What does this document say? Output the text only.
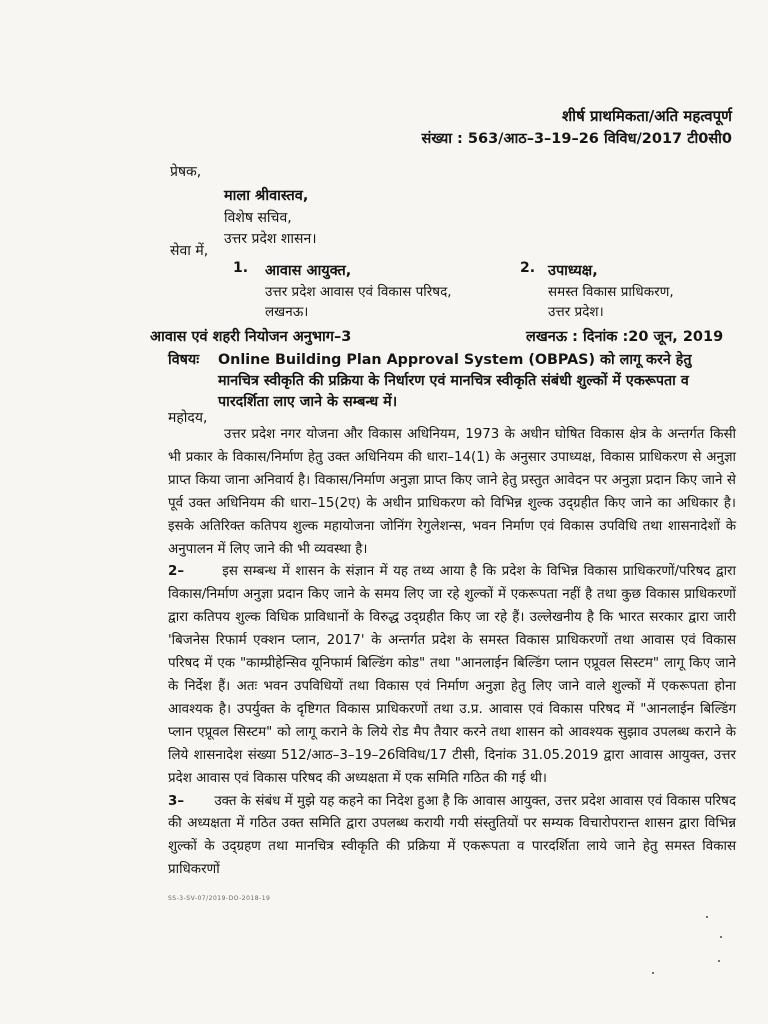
शीर्ष प्राथमिकता/अति महत्वपूर्ण
संख्या : 563/आठ–3–19–26 विविध/2017 टी0सी0
प्रेषक,
माला श्रीवास्तव,
विशेष सचिव,
उत्तर प्रदेश शासन।
सेवा में,
1. आवास आयुक्त,
उत्तर प्रदेश आवास एवं विकास परिषद,
लखनऊ।
2. उपाध्यक्ष,
समस्त विकास प्राधिकरण,
उत्तर प्रदेश।
आवास एवं शहरी नियोजन अनुभाग–3	लखनऊ : दिनांक :20 जून, 2019
विषयः Online Building Plan Approval System (OBPAS) को लागू करने हेतु मानचित्र स्वीकृति की प्रक्रिया के निर्धारण एवं मानचित्र स्वीकृति संबंधी शुल्कों में एकरूपता व पारदर्शिता लाए जाने के सम्बन्ध में।
महोदय,

उत्तर प्रदेश नगर योजना और विकास अधिनियम, 1973 के अधीन घोषित विकास क्षेत्र के अन्तर्गत किसी भी प्रकार के विकास/निर्माण हेतु उक्त अधिनियम की धारा–14(1) के अनुसार उपाध्यक्ष, विकास प्राधिकरण से अनुज्ञा प्राप्त किया जाना अनिवार्य है। विकास/निर्माण अनुज्ञा प्राप्त किए जाने हेतु प्रस्तुत आवेदन पर अनुज्ञा प्रदान किए जाने से पूर्व उक्त अधिनियम की धारा–15(2ए) के अधीन प्राधिकरण को विभिन्न शुल्क उद्ग्रहीत किए जाने का अधिकार है। इसके अतिरिक्त कतिपय शुल्क महायोजना जोनिंग रेगुलेशन्स, भवन निर्माण एवं विकास उपविधि तथा शासनादेशों के अनुपालन में लिए जाने की भी व्यवस्था है।

2–	इस सम्बन्ध में शासन के संज्ञान में यह तथ्य आया है कि प्रदेश के विभिन्न विकास प्राधिकरणों/परिषद द्वारा विकास/निर्माण अनुज्ञा प्रदान किए जाने के समय लिए जा रहे शुल्कों में एकरूपता नहीं है तथा कुछ विकास प्राधिकरणों द्वारा कतिपय शुल्क विधिक प्राविधानों के विरुद्ध उद्ग्रहीत किए जा रहे हैं। उल्लेखनीय है कि भारत सरकार द्वारा जारी 'बिजनेस रिफार्म एक्शन प्लान, 2017' के अन्तर्गत प्रदेश के समस्त विकास प्राधिकरणों तथा आवास एवं विकास परिषद में एक "काम्प्रीहेन्सिव यूनिफार्म बिल्डिंग कोड" तथा "आनलाईन बिल्डिंग प्लान एप्रूवल सिस्टम" लागू किए जाने के निर्देश हैं। अतः भवन उपविधियों तथा विकास एवं निर्माण अनुज्ञा हेतु लिए जाने वाले शुल्कों में एकरूपता होना आवश्यक है। उपर्युक्त के दृष्टिगत विकास प्राधिकरणों तथा उ.प्र. आवास एवं विकास परिषद में "आनलाईन बिल्डिंग प्लान एप्रूवल सिस्टम" को लागू कराने के लिये रोड मैप तैयार करने तथा शासन को आवश्यक सुझाव उपलब्ध कराने के लिये शासनादेश संख्या 512/आठ–3–19–26विविध/17 टीसी, दिनांक 31.05.2019 द्वारा आवास आयुक्त, उत्तर प्रदेश आवास एवं विकास परिषद की अध्यक्षता में एक समिति गठित की गई थी।

3– उक्त के संबंध में मुझे यह कहने का निदेश हुआ है कि आवास आयुक्त, उत्तर प्रदेश आवास एवं विकास परिषद की अध्यक्षता में गठित उक्त समिति द्वारा उपलब्ध करायी गयी संस्तुतियों पर सम्यक विचारोपरान्त शासन द्वारा विभिन्न शुल्कों के उद्ग्रहण तथा मानचित्र स्वीकृति की प्रक्रिया में एकरूपता व पारदर्शिता लाये जाने हेतु समस्त विकास प्राधिकरणों

SS-3-SV-07/2019-DO-2018-19
